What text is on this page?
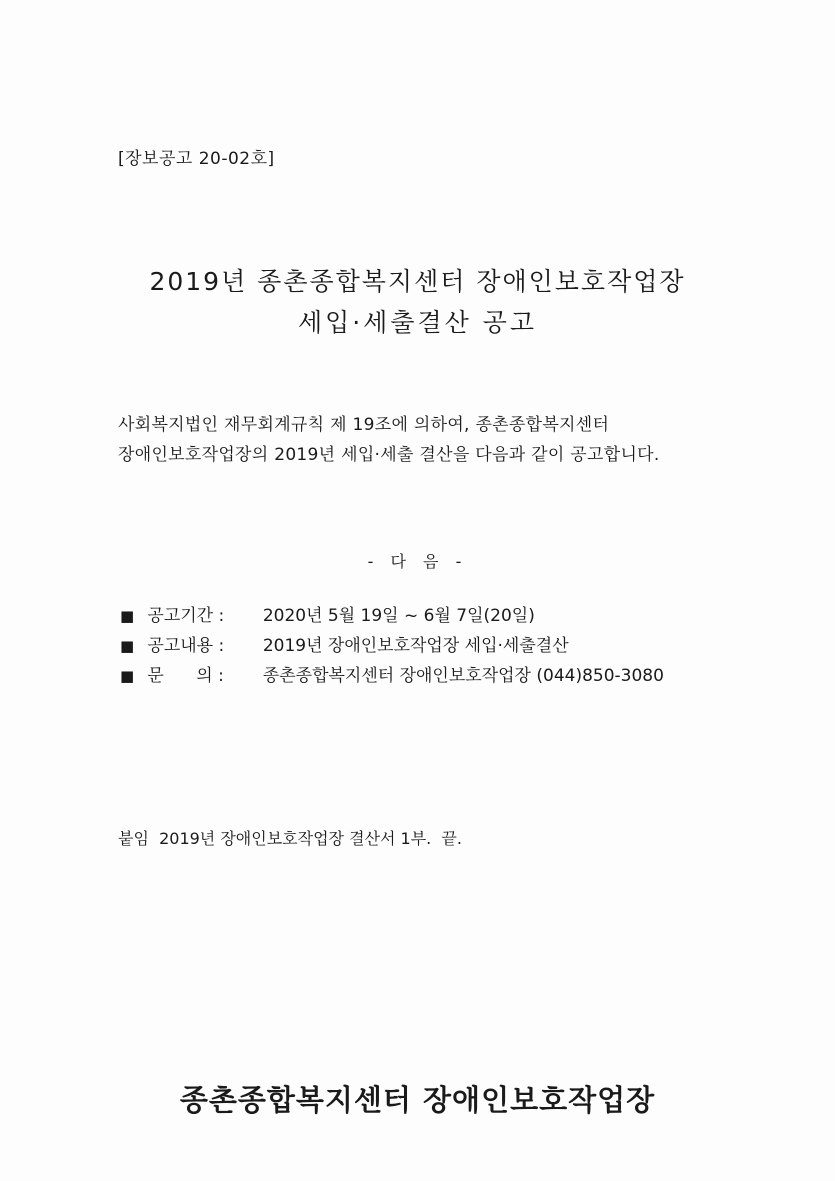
[장보공고 20-02호]
2019년 종촌종합복지센터 장애인보호작업장
세입·세출결산 공고
사회복지법인 재무회계규칙 제 19조에 의하여, 종촌종합복지센터
장애인보호작업장의 2019년 세입·세출 결산을 다음과 같이 공고합니다.
- 다 음 -
■ 공고기간 : 2020년 5월 19일 ~ 6월 7일(20일)
■ 공고내용 : 2019년 장애인보호작업장 세입·세출결산
■ 문      의 : 종촌종합복지센터 장애인보호작업장 (044)850-3080
붙임  2019년 장애인보호작업장 결산서 1부.  끝.
종촌종합복지센터 장애인보호작업장
